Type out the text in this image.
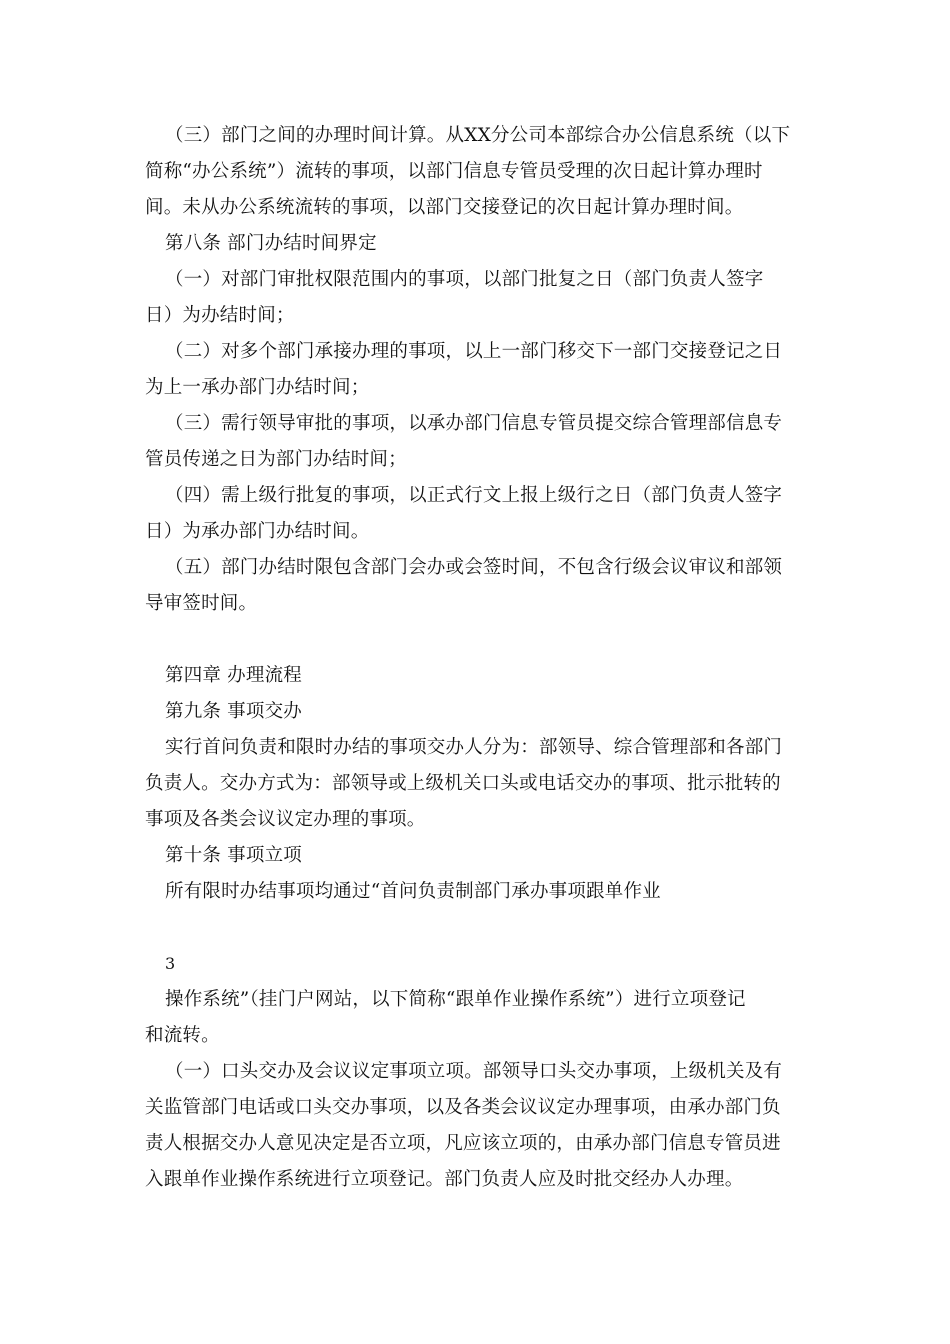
（三）部门之间的办理时间计算。从XX分公司本部综合办公信息系统（以下
简称“办公系统”）流转的事项，以部门信息专管员受理的次日起计算办理时
间。未从办公系统流转的事项，以部门交接登记的次日起计算办理时间。
第八条 部门办结时间界定
（一）对部门审批权限范围内的事项，以部门批复之日（部门负责人签字
日）为办结时间；
（二）对多个部门承接办理的事项，以上一部门移交下一部门交接登记之日
为上一承办部门办结时间；
（三）需行领导审批的事项，以承办部门信息专管员提交综合管理部信息专
管员传递之日为部门办结时间；
（四）需上级行批复的事项，以正式行文上报上级行之日（部门负责人签字
日）为承办部门办结时间。
（五）部门办结时限包含部门会办或会签时间，不包含行级会议审议和部领
导审签时间。
第四章 办理流程
第九条 事项交办
实行首问负责和限时办结的事项交办人分为：部领导、综合管理部和各部门
负责人。交办方式为：部领导或上级机关口头或电话交办的事项、批示批转的
事项及各类会议议定办理的事项。
第十条 事项立项
所有限时办结事项均通过“首问负责制部门承办事项跟单作业
3
操作系统”（挂门户网站，以下简称“跟单作业操作系统”）进行立项登记
和流转。
（一）口头交办及会议议定事项立项。部领导口头交办事项，上级机关及有
关监管部门电话或口头交办事项，以及各类会议议定办理事项，由承办部门负
责人根据交办人意见决定是否立项，凡应该立项的，由承办部门信息专管员进
入跟单作业操作系统进行立项登记。部门负责人应及时批交经办人办理。
